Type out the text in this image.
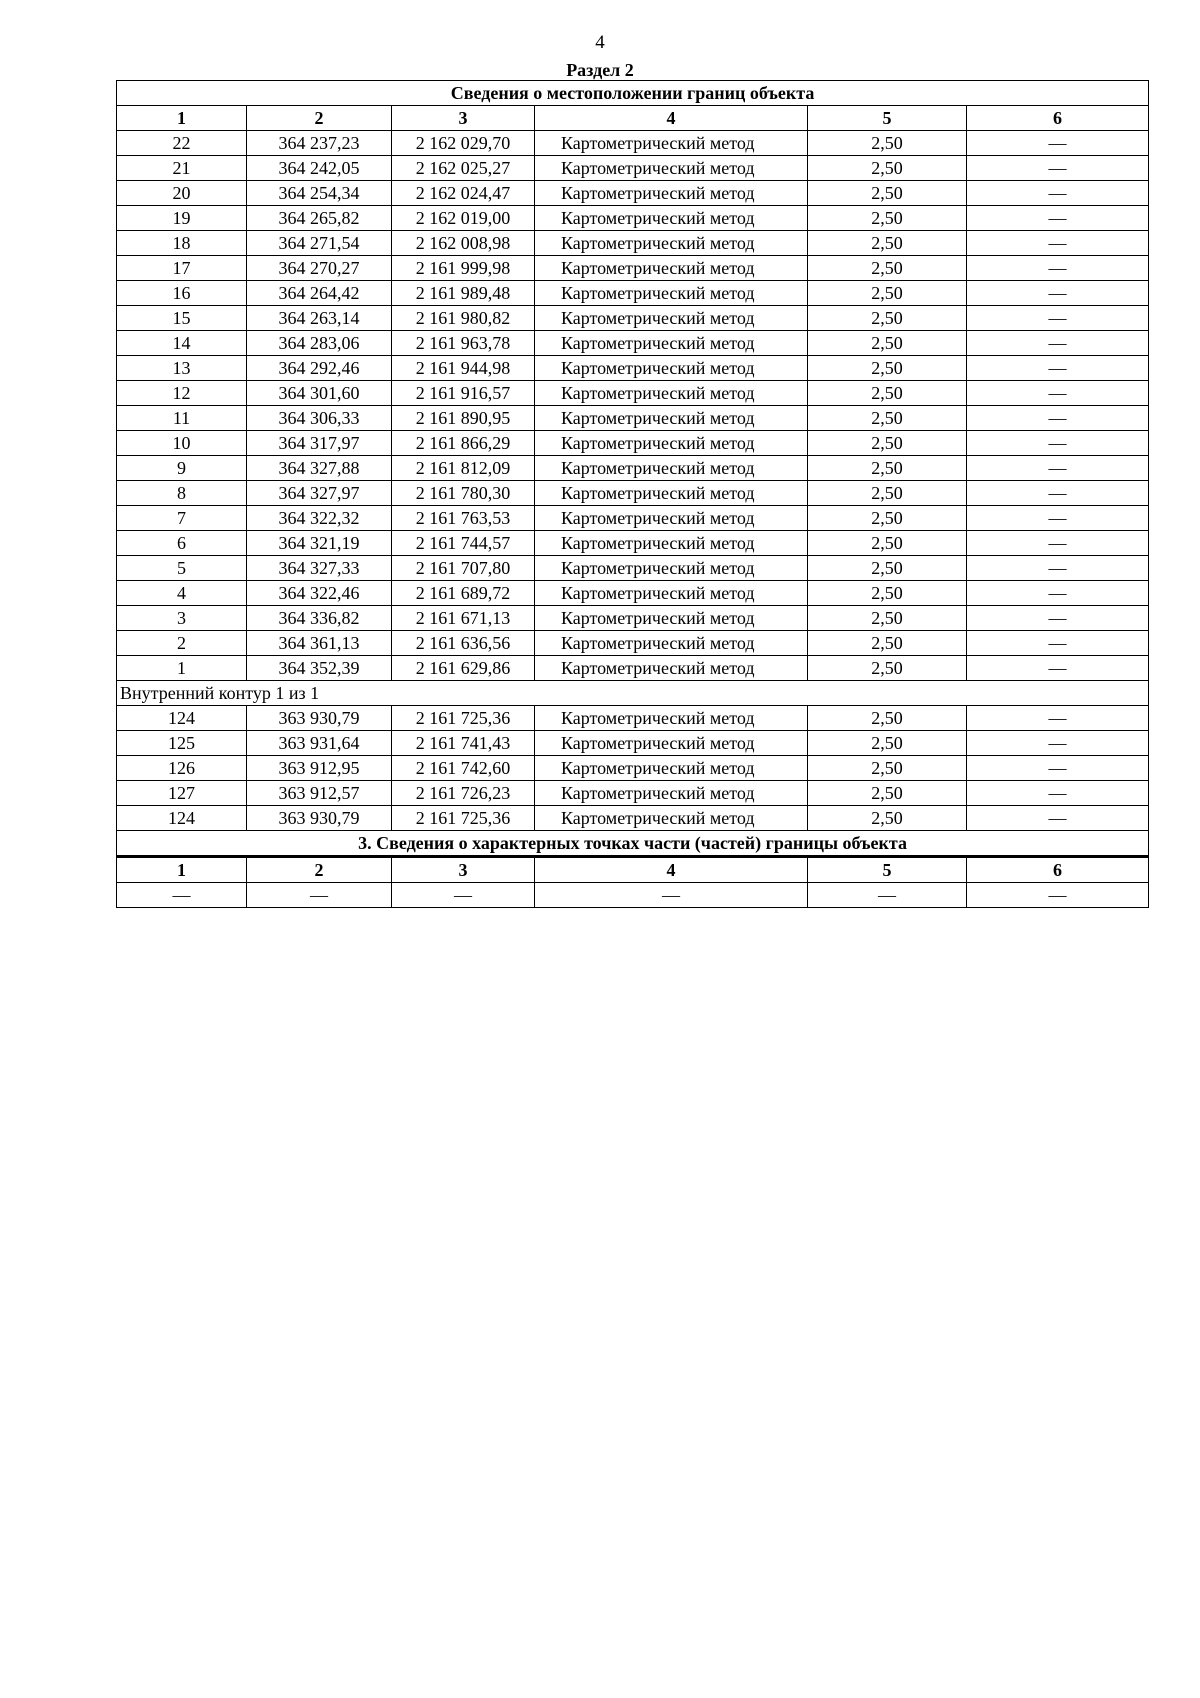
4
Раздел 2
Сведения о местоположении границ объекта					
1	2	3	4	5	6
22	364 237,23	2 162 029,70	Картометрический метод	2,50	—
21	364 242,05	2 162 025,27	Картометрический метод	2,50	—
20	364 254,34	2 162 024,47	Картометрический метод	2,50	—
19	364 265,82	2 162 019,00	Картометрический метод	2,50	—
18	364 271,54	2 162 008,98	Картометрический метод	2,50	—
17	364 270,27	2 161 999,98	Картометрический метод	2,50	—
16	364 264,42	2 161 989,48	Картометрический метод	2,50	—
15	364 263,14	2 161 980,82	Картометрический метод	2,50	—
14	364 283,06	2 161 963,78	Картометрический метод	2,50	—
13	364 292,46	2 161 944,98	Картометрический метод	2,50	—
12	364 301,60	2 161 916,57	Картометрический метод	2,50	—
11	364 306,33	2 161 890,95	Картометрический метод	2,50	—
10	364 317,97	2 161 866,29	Картометрический метод	2,50	—
9	364 327,88	2 161 812,09	Картометрический метод	2,50	—
8	364 327,97	2 161 780,30	Картометрический метод	2,50	—
7	364 322,32	2 161 763,53	Картометрический метод	2,50	—
6	364 321,19	2 161 744,57	Картометрический метод	2,50	—
5	364 327,33	2 161 707,80	Картометрический метод	2,50	—
4	364 322,46	2 161 689,72	Картометрический метод	2,50	—
3	364 336,82	2 161 671,13	Картометрический метод	2,50	—
2	364 361,13	2 161 636,56	Картометрический метод	2,50	—
1	364 352,39	2 161 629,86	Картометрический метод	2,50	—
Внутренний контур 1 из 1					
124	363 930,79	2 161 725,36	Картометрический метод	2,50	—
125	363 931,64	2 161 741,43	Картометрический метод	2,50	—
126	363 912,95	2 161 742,60	Картометрический метод	2,50	—
127	363 912,57	2 161 726,23	Картометрический метод	2,50	—
124	363 930,79	2 161 725,36	Картометрический метод	2,50	—
3. Сведения о характерных точках части (частей) границы объекта					
1	2	3	4	5	6
—	—	—	—	—	—
